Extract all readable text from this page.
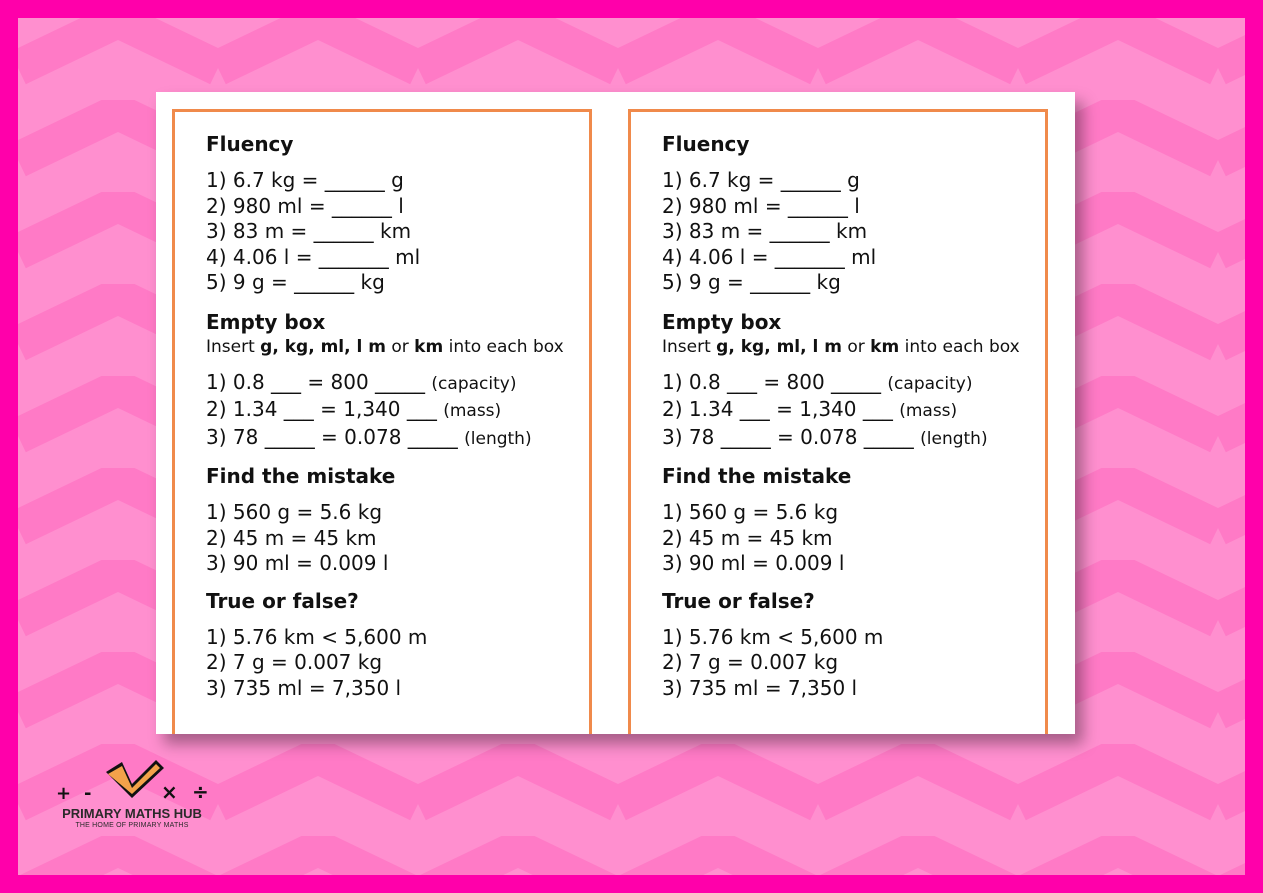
Fluency
1) 6.7 kg = ______ g
2) 980 ml = ______ l
3) 83 m = ______ km
4) 4.06 l = _______ ml
5) 9 g = ______ kg
Empty box
Insert g, kg, ml, l m or km into each box
1) 0.8 ___ = 800 _____ (capacity)
2) 1.34 ___ = 1,340 ___ (mass)
3) 78 _____ = 0.078 _____ (length)
Find the mistake
1) 560 g = 5.6 kg
2) 45 m = 45 km
3) 90 ml = 0.009 l
True or false?
1) 5.76 km < 5,600 m
2) 7 g = 0.007 kg
3) 735 ml = 7,350 l
Fluency
1) 6.7 kg = ______ g
2) 980 ml = ______ l
3) 83 m = ______ km
4) 4.06 l = _______ ml
5) 9 g = ______ kg
Empty box
Insert g, kg, ml, l m or km into each box
1) 0.8 ___ = 800 _____ (capacity)
2) 1.34 ___ = 1,340 ___ (mass)
3) 78 _____ = 0.078 _____ (length)
Find the mistake
1) 560 g = 5.6 kg
2) 45 m = 45 km
3) 90 ml = 0.009 l
True or false?
1) 5.76 km < 5,600 m
2) 7 g = 0.007 kg
3) 735 ml = 7,350 l
+ -	× ÷
PRIMARY MATHS HUB
THE HOME OF PRIMARY MATHS
